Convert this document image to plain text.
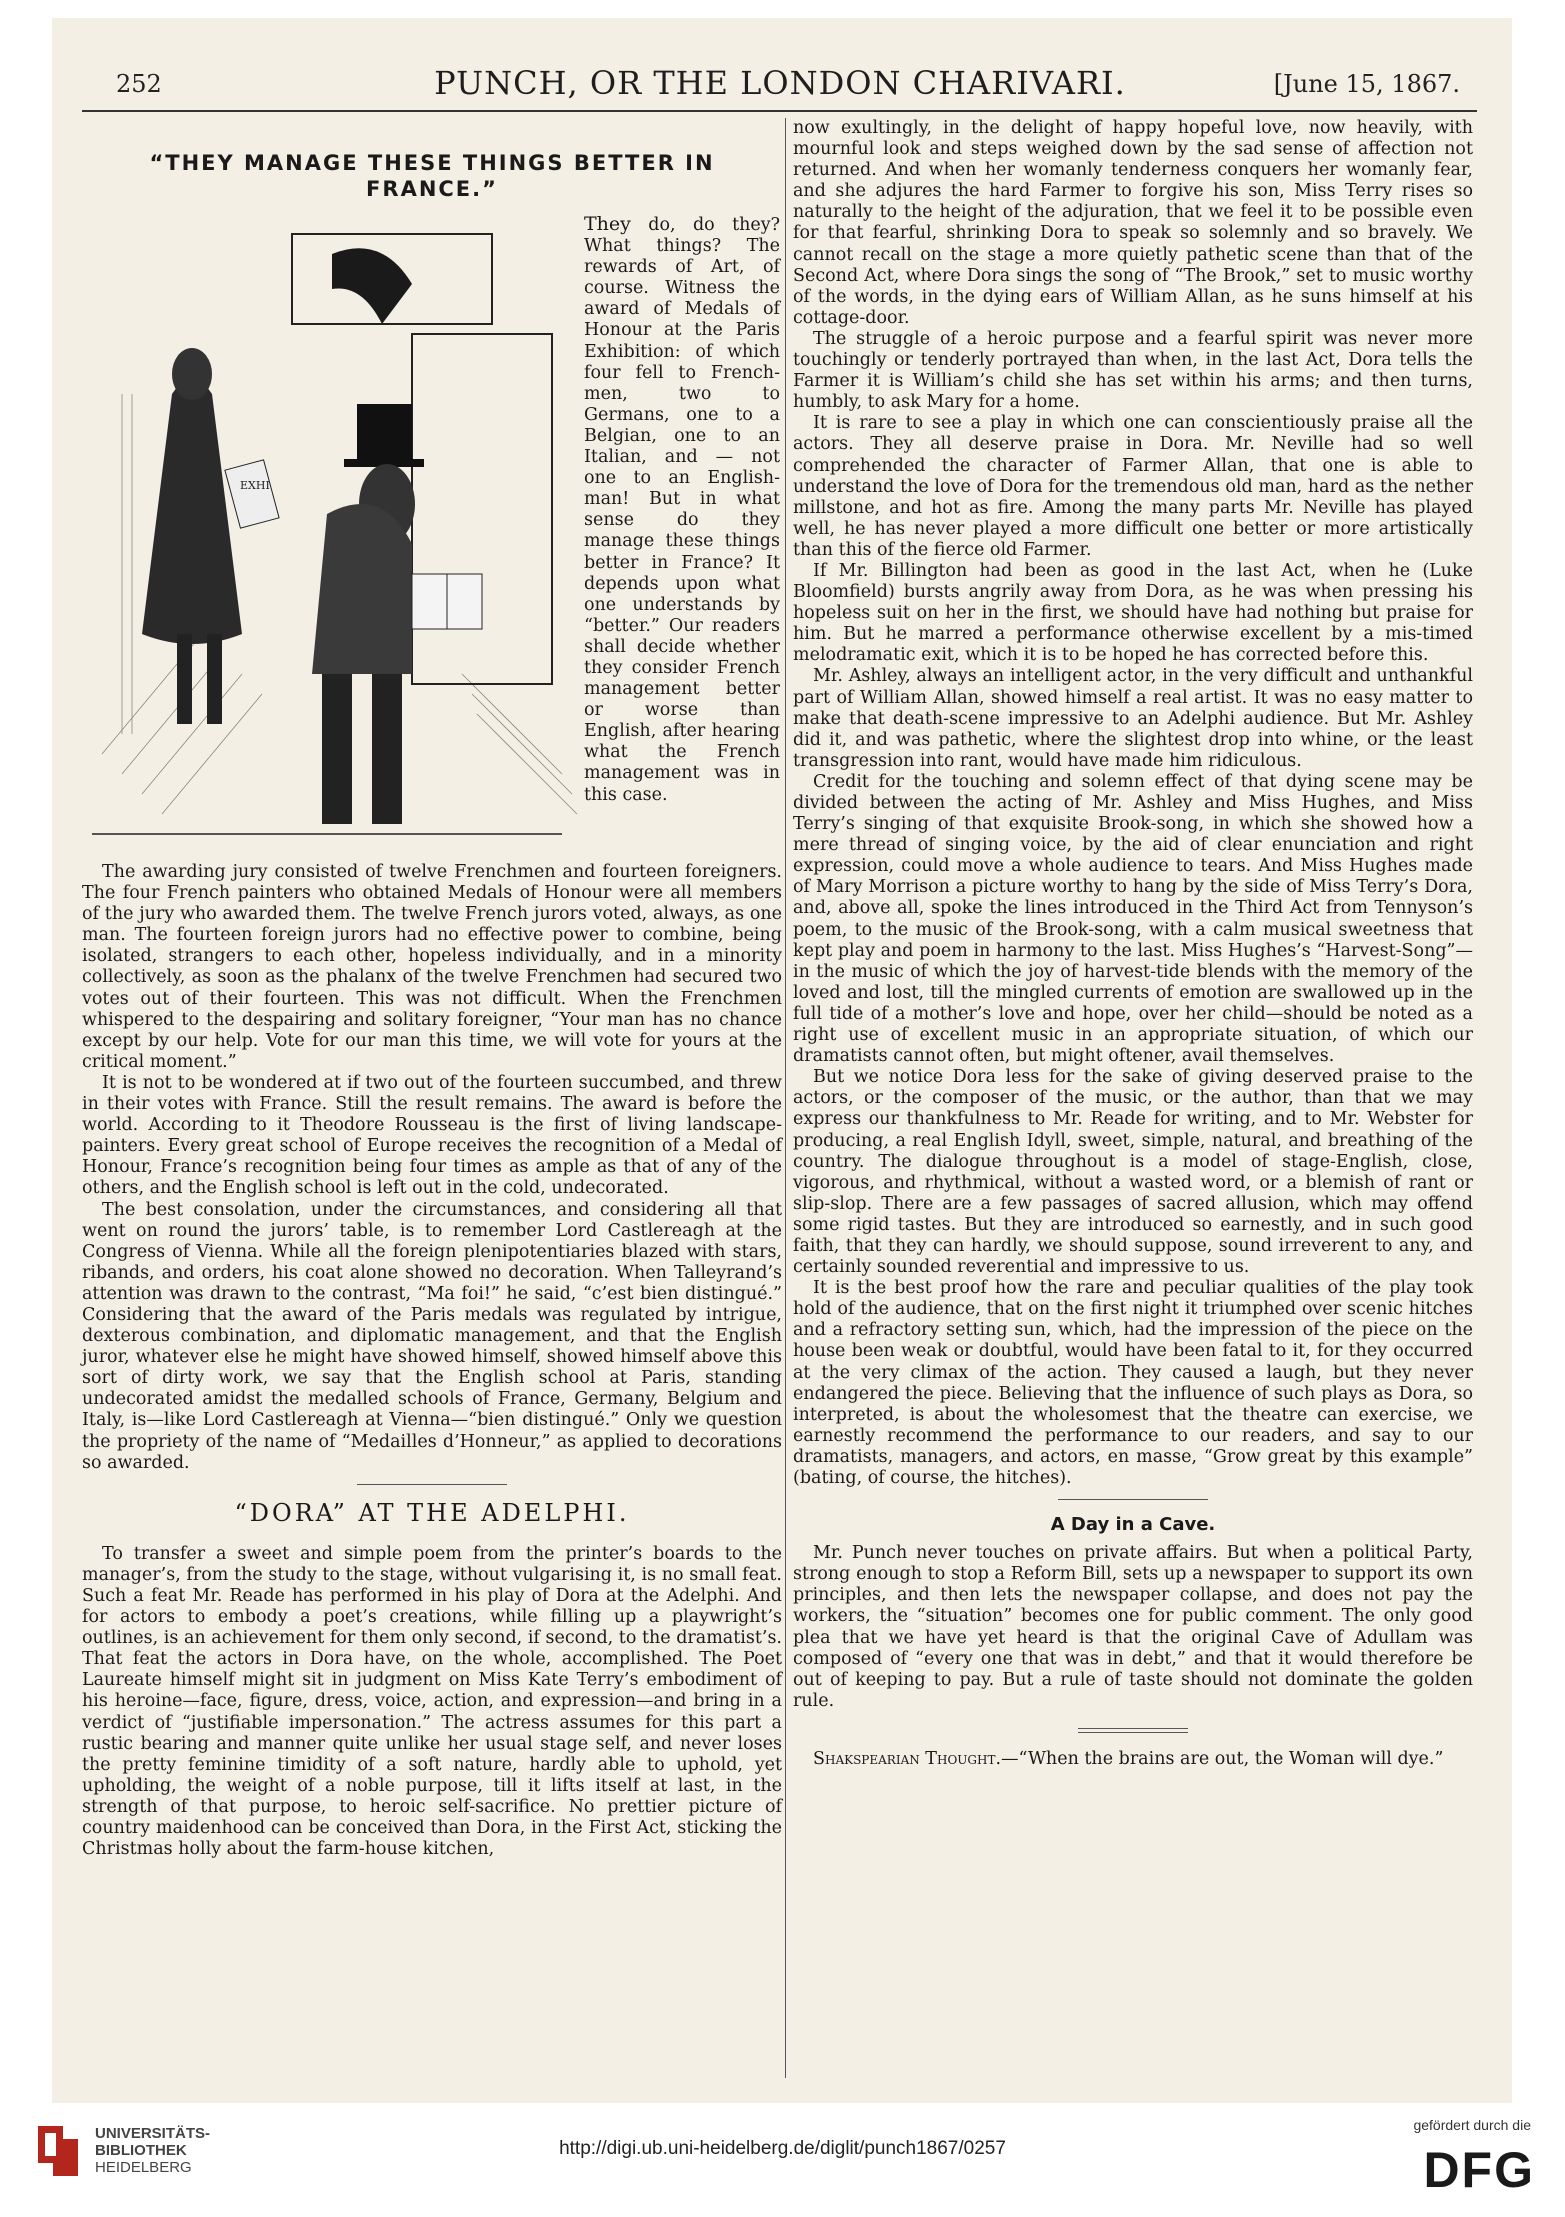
252	PUNCH, OR THE LONDON CHARIVARI.	[June 15, 1867.
“THEY MANAGE THESE THINGS BETTER IN FRANCE.”
EXHI
They do, do they? What things? The rewards of Art, of course. Witness the award of Medals of Honour at the Paris Exhibition: of which four fell to French-men, two to Germans, one to a Belgian, one to an Italian, and — not one to an English-man! But in what sense do they manage these things better in France? It depends upon what one understands by “better.” Our readers shall decide whether they consider French management better or worse than English, after hearing what the French management was in this case.

The awarding jury consisted of twelve Frenchmen and fourteen foreigners. The four French painters who obtained Medals of Honour were all members of the jury who awarded them. The twelve French jurors voted, always, as one man. The fourteen foreign jurors had no effective power to combine, being isolated, strangers to each other, hopeless individually, and in a minority collectively, as soon as the phalanx of the twelve Frenchmen had secured two votes out of their fourteen. This was not difficult. When the Frenchmen whispered to the despairing and solitary foreigner, “Your man has no chance except by our help. Vote for our man this time, we will vote for yours at the critical moment.”

It is not to be wondered at if two out of the fourteen succumbed, and threw in their votes with France. Still the result remains. The award is before the world. According to it Theodore Rousseau is the first of living landscape-painters. Every great school of Europe receives the recognition of a Medal of Honour, France’s recognition being four times as ample as that of any of the others, and the English school is left out in the cold, undecorated.

The best consolation, under the circumstances, and considering all that went on round the jurors’ table, is to remember Lord Castlereagh at the Congress of Vienna. While all the foreign plenipotentiaries blazed with stars, ribands, and orders, his coat alone showed no decoration. When Talleyrand’s attention was drawn to the contrast, “Ma foi!” he said, “c’est bien distingué.” Considering that the award of the Paris medals was regulated by intrigue, dexterous combination, and diplomatic management, and that the English juror, whatever else he might have showed himself, showed himself above this sort of dirty work, we say that the English school at Paris, standing undecorated amidst the medalled schools of France, Germany, Belgium and Italy, is—like Lord Castlereagh at Vienna—“bien distingué.” Only we question the propriety of the name of “Medailles d’Honneur,” as applied to decorations so awarded.

“DORA” AT THE ADELPHI.

To transfer a sweet and simple poem from the printer’s boards to the manager’s, from the study to the stage, without vulgarising it, is no small feat. Such a feat Mr. Reade has performed in his play of Dora at the Adelphi. And for actors to embody a poet’s creations, while filling up a playwright’s outlines, is an achievement for them only second, if second, to the dramatist’s. That feat the actors in Dora have, on the whole, accomplished. The Poet Laureate himself might sit in judgment on Miss Kate Terry’s embodiment of his heroine—face, figure, dress, voice, action, and expression—and bring in a verdict of “justifiable impersonation.” The actress assumes for this part a rustic bearing and manner quite unlike her usual stage self, and never loses the pretty feminine timidity of a soft nature, hardly able to uphold, yet upholding, the weight of a noble purpose, till it lifts itself at last, in the strength of that purpose, to heroic self-sacrifice. No prettier picture of country maidenhood can be conceived than Dora, in the First Act, sticking the Christmas holly about the farm-house kitchen,

now exultingly, in the delight of happy hopeful love, now heavily, with mournful look and steps weighed down by the sad sense of affection not returned. And when her womanly tenderness conquers her womanly fear, and she adjures the hard Farmer to forgive his son, Miss Terry rises so naturally to the height of the adjuration, that we feel it to be possible even for that fearful, shrinking Dora to speak so solemnly and so bravely. We cannot recall on the stage a more quietly pathetic scene than that of the Second Act, where Dora sings the song of “The Brook,” set to music worthy of the words, in the dying ears of William Allan, as he suns himself at his cottage-door.

The struggle of a heroic purpose and a fearful spirit was never more touchingly or tenderly portrayed than when, in the last Act, Dora tells the Farmer it is William’s child she has set within his arms; and then turns, humbly, to ask Mary for a home.

It is rare to see a play in which one can conscientiously praise all the actors. They all deserve praise in Dora. Mr. Neville had so well comprehended the character of Farmer Allan, that one is able to understand the love of Dora for the tremendous old man, hard as the nether millstone, and hot as fire. Among the many parts Mr. Neville has played well, he has never played a more difficult one better or more artistically than this of the fierce old Farmer.

If Mr. Billington had been as good in the last Act, when he (Luke Bloomfield) bursts angrily away from Dora, as he was when pressing his hopeless suit on her in the first, we should have had nothing but praise for him. But he marred a performance otherwise excellent by a mis-timed melodramatic exit, which it is to be hoped he has corrected before this.

Mr. Ashley, always an intelligent actor, in the very difficult and unthankful part of William Allan, showed himself a real artist. It was no easy matter to make that death-scene impressive to an Adelphi audience. But Mr. Ashley did it, and was pathetic, where the slightest drop into whine, or the least transgression into rant, would have made him ridiculous.

Credit for the touching and solemn effect of that dying scene may be divided between the acting of Mr. Ashley and Miss Hughes, and Miss Terry’s singing of that exquisite Brook-song, in which she showed how a mere thread of singing voice, by the aid of clear enunciation and right expression, could move a whole audience to tears. And Miss Hughes made of Mary Morrison a picture worthy to hang by the side of Miss Terry’s Dora, and, above all, spoke the lines introduced in the Third Act from Tennyson’s poem, to the music of the Brook-song, with a calm musical sweetness that kept play and poem in harmony to the last. Miss Hughes’s “Harvest-Song”—in the music of which the joy of harvest-tide blends with the memory of the loved and lost, till the mingled currents of emotion are swallowed up in the full tide of a mother’s love and hope, over her child—should be noted as a right use of excellent music in an appropriate situation, of which our dramatists cannot often, but might oftener, avail themselves.

But we notice Dora less for the sake of giving deserved praise to the actors, or the composer of the music, or the author, than that we may express our thankfulness to Mr. Reade for writing, and to Mr. Webster for producing, a real English Idyll, sweet, simple, natural, and breathing of the country. The dialogue throughout is a model of stage-English, close, vigorous, and rhythmical, without a wasted word, or a blemish of rant or slip-slop. There are a few passages of sacred allusion, which may offend some rigid tastes. But they are introduced so earnestly, and in such good faith, that they can hardly, we should suppose, sound irreverent to any, and certainly sounded reverential and impressive to us.

It is the best proof how the rare and peculiar qualities of the play took hold of the audience, that on the first night it triumphed over scenic hitches and a refractory setting sun, which, had the impression of the piece on the house been weak or doubtful, would have been fatal to it, for they occurred at the very climax of the action. They caused a laugh, but they never endangered the piece. Believing that the influence of such plays as Dora, so interpreted, is about the wholesomest that the theatre can exercise, we earnestly recommend the performance to our readers, and say to our dramatists, managers, and actors, en masse, “Grow great by this example” (bating, of course, the hitches).

A Day in a Cave.

Mr. Punch never touches on private affairs. But when a political Party, strong enough to stop a Reform Bill, sets up a newspaper to support its own principles, and then lets the newspaper collapse, and does not pay the workers, the “situation” becomes one for public comment. The only good plea that we have yet heard is that the original Cave of Adullam was composed of “every one that was in debt,” and that it would therefore be out of keeping to pay. But a rule of taste should not dominate the golden rule.

Shakspearian Thought.—“When the brains are out, the Woman will dye.”

UNIVERSITÄTS-
BIBLIOTHEK
HEIDELBERG
http://digi.ub.uni-heidelberg.de/diglit/punch1867/0257
gefördert durch die
DFG
